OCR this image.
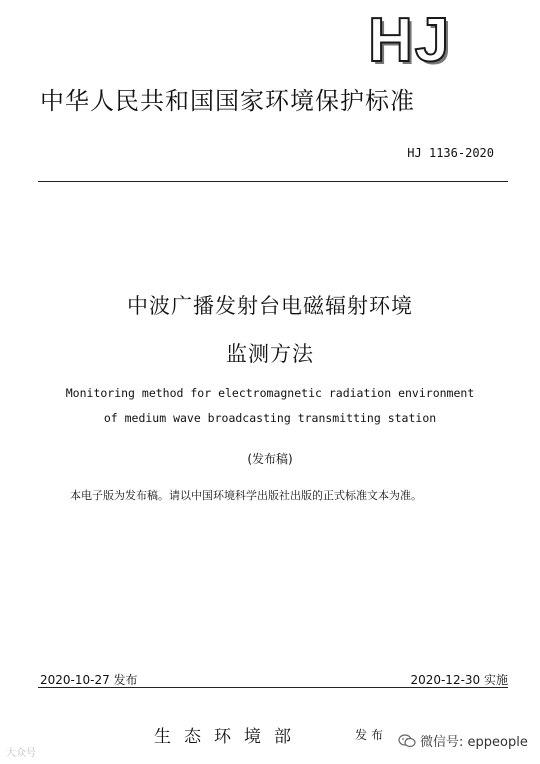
HJ
中华人民共和国国家环境保护标准
HJ 1136-2020
中波广播发射台电磁辐射环境
监测方法
Monitoring method for electromagnetic radiation environment
of medium wave broadcasting transmitting station
(发布稿)
本电子版为发布稿。请以中国环境科学出版社出版的正式标准文本为准。
2020-10-27 发布	2020-12-30 实施
生态环境部	发布
大众号
微信号: eppeople
